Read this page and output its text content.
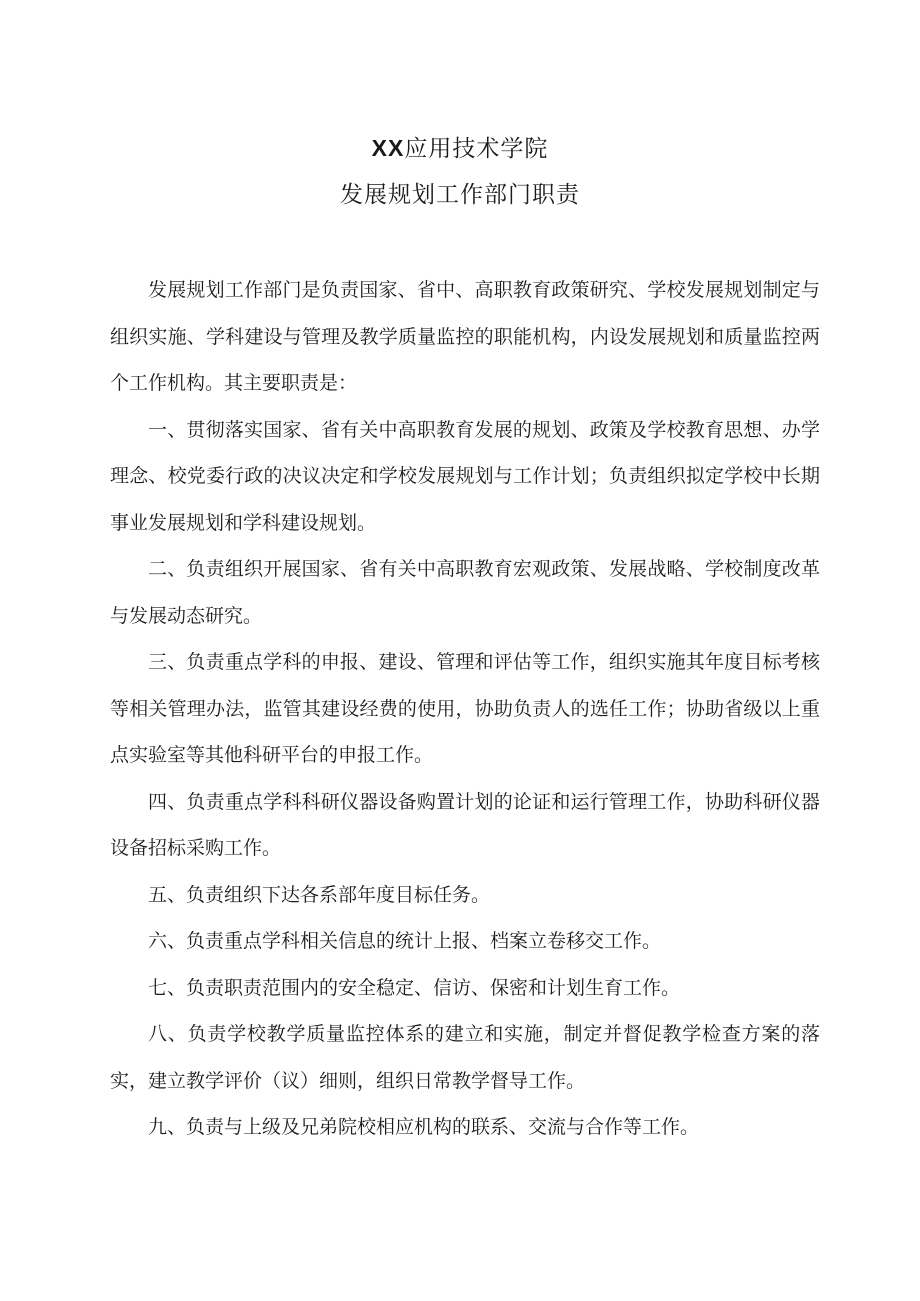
XX应用技术学院
发展规划工作部门职责

发展规划工作部门是负责国家、省中、高职教育政策研究、学校发展规划制定与组织实施、学科建设与管理及教学质量监控的职能机构，内设发展规划和质量监控两个工作机构。其主要职责是：

一、贯彻落实国家、省有关中高职教育发展的规划、政策及学校教育思想、办学理念、校党委行政的决议决定和学校发展规划与工作计划；负责组织拟定学校中长期事业发展规划和学科建设规划。

二、负责组织开展国家、省有关中高职教育宏观政策、发展战略、学校制度改革与发展动态研究。

三、负责重点学科的申报、建设、管理和评估等工作，组织实施其年度目标考核等相关管理办法，监管其建设经费的使用，协助负责人的选任工作；协助省级以上重点实验室等其他科研平台的申报工作。

四、负责重点学科科研仪器设备购置计划的论证和运行管理工作，协助科研仪器设备招标采购工作。

五、负责组织下达各系部年度目标任务。

六、负责重点学科相关信息的统计上报、档案立卷移交工作。

七、负责职责范围内的安全稳定、信访、保密和计划生育工作。

八、负责学校教学质量监控体系的建立和实施，制定并督促教学检查方案的落实，建立教学评价（议）细则，组织日常教学督导工作。

九、负责与上级及兄弟院校相应机构的联系、交流与合作等工作。
